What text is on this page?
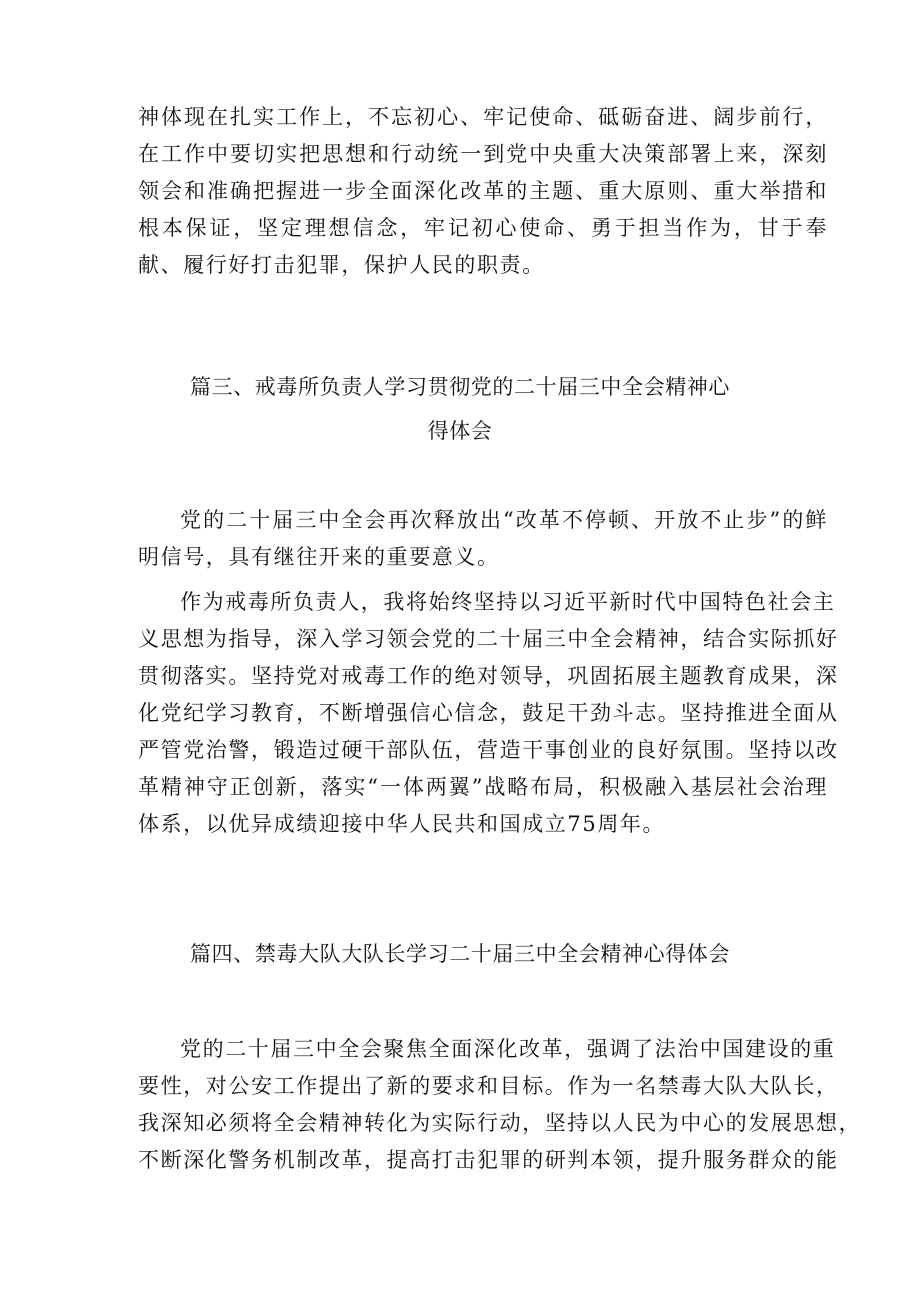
神体现在扎实工作上，不忘初心、牢记使命、砥砺奋进、阔步前行，
在工作中要切实把思想和行动统一到党中央重大决策部署上来，深刻
领会和准确把握进一步全面深化改革的主题、重大原则、重大举措和
根本保证，坚定理想信念，牢记初心使命、勇于担当作为，甘于奉
献、履行好打击犯罪，保护人民的职责。
篇三、戒毒所负责人学习贯彻党的二十届三中全会精神心
得体会
党的二十届三中全会再次释放出“改革不停顿、开放不止步”的鲜
明信号，具有继往开来的重要意义。
作为戒毒所负责人，我将始终坚持以习近平新时代中国特色社会主
义思想为指导，深入学习领会党的二十届三中全会精神，结合实际抓好
贯彻落实。坚持党对戒毒工作的绝对领导，巩固拓展主题教育成果，深
化党纪学习教育，不断增强信心信念，鼓足干劲斗志。坚持推进全面从
严管党治警，锻造过硬干部队伍，营造干事创业的良好氛围。坚持以改
革精神守正创新，落实“一体两翼”战略布局，积极融入基层社会治理
体系，以优异成绩迎接中华人民共和国成立75周年。
篇四、禁毒大队大队长学习二十届三中全会精神心得体会
党的二十届三中全会聚焦全面深化改革，强调了法治中国建设的重
要性，对公安工作提出了新的要求和目标。作为一名禁毒大队大队长，
我深知必须将全会精神转化为实际行动，坚持以人民为中心的发展思想，
不断深化警务机制改革，提高打击犯罪的研判本领，提升服务群众的能
